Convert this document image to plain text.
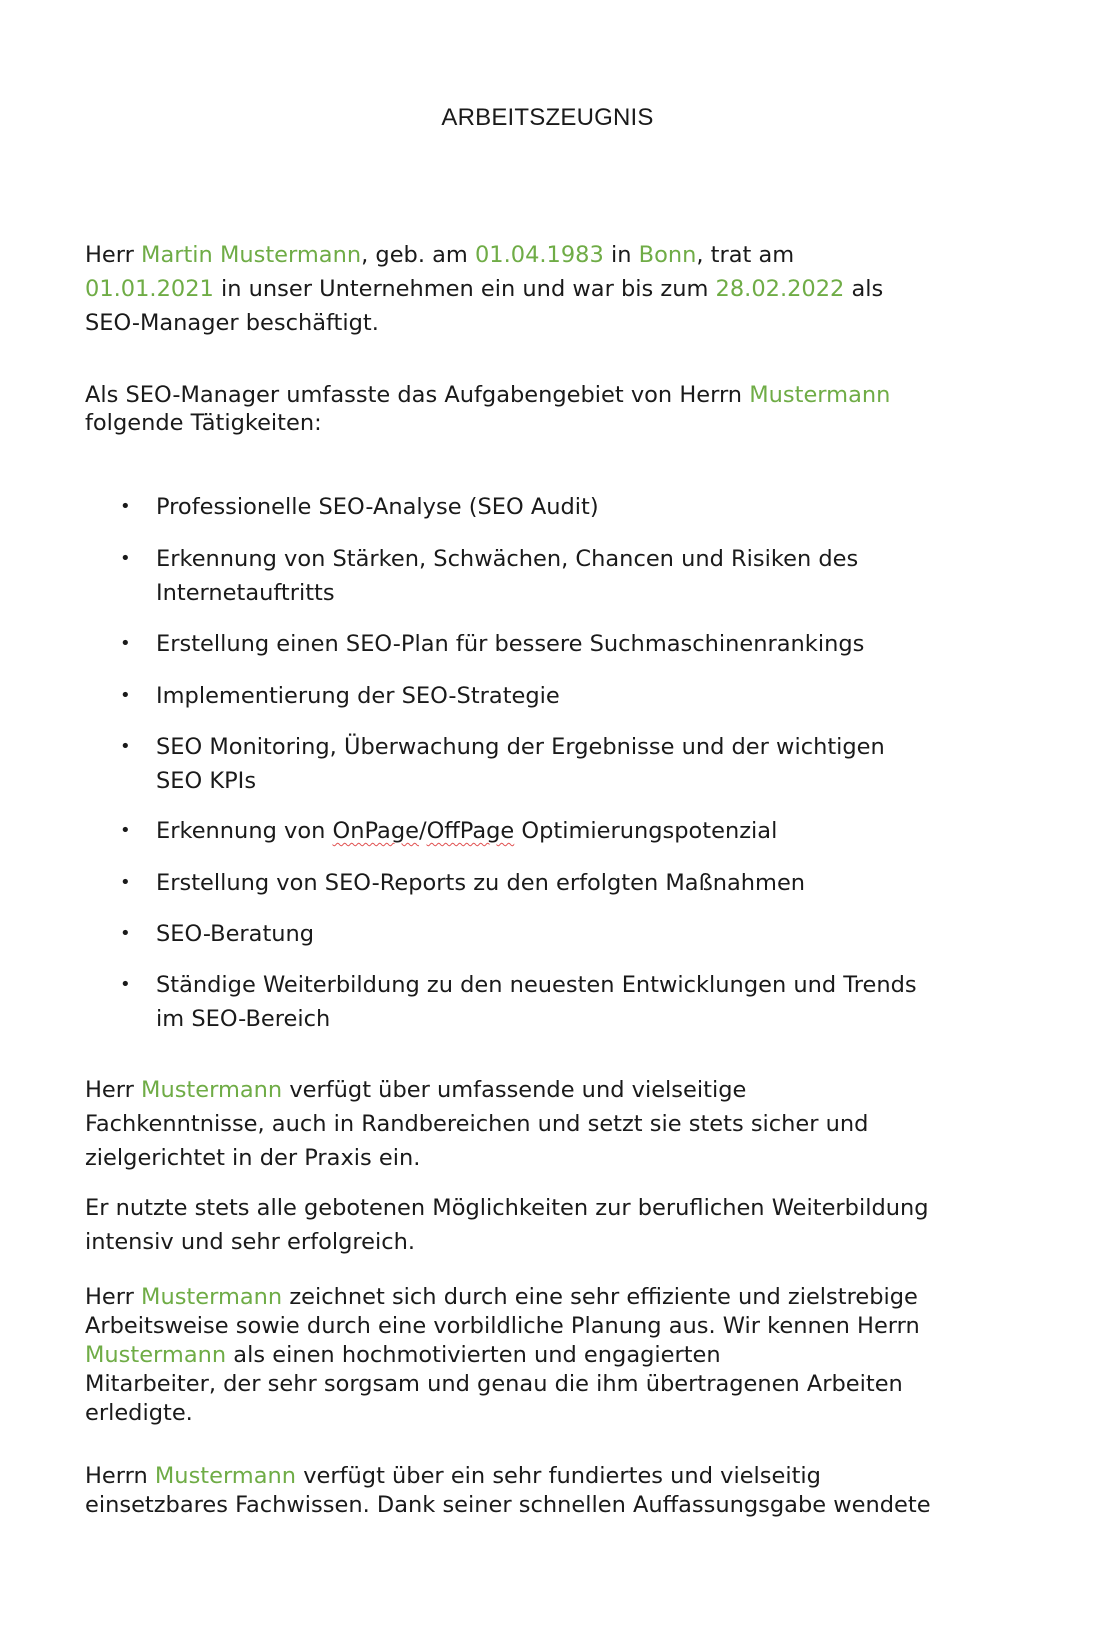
ARBEITSZEUGNIS
Herr Martin Mustermann, geb. am 01.04.1983 in Bonn, trat am
01.01.2021 in unser Unternehmen ein und war bis zum 28.02.2022 als
SEO-Manager beschäftigt.
Als SEO-Manager umfasste das Aufgabengebiet von Herrn Mustermann
folgende Tätigkeiten:
• Professionelle SEO-Analyse (SEO Audit)
• Erkennung von Stärken, Schwächen, Chancen und Risiken des
Internetauftritts
• Erstellung einen SEO-Plan für bessere Suchmaschinenrankings
• Implementierung der SEO-Strategie
• SEO Monitoring, Überwachung der Ergebnisse und der wichtigen
SEO KPIs
• Erkennung von OnPage/OffPage Optimierungspotenzial
• Erstellung von SEO-Reports zu den erfolgten Maßnahmen
• SEO-Beratung
• Ständige Weiterbildung zu den neuesten Entwicklungen und Trends
im SEO-Bereich
Herr Mustermann verfügt über umfassende und vielseitige
Fachkenntnisse, auch in Randbereichen und setzt sie stets sicher und
zielgerichtet in der Praxis ein.
Er nutzte stets alle gebotenen Möglichkeiten zur beruflichen Weiterbildung
intensiv und sehr erfolgreich.
Herr Mustermann zeichnet sich durch eine sehr effiziente und zielstrebige
Arbeitsweise sowie durch eine vorbildliche Planung aus. Wir kennen Herrn
Mustermann als einen hochmotivierten und engagierten
Mitarbeiter, der sehr sorgsam und genau die ihm übertragenen Arbeiten
erledigte.
Herrn Mustermann verfügt über ein sehr fundiertes und vielseitig
einsetzbares Fachwissen. Dank seiner schnellen Auffassungsgabe wendete
